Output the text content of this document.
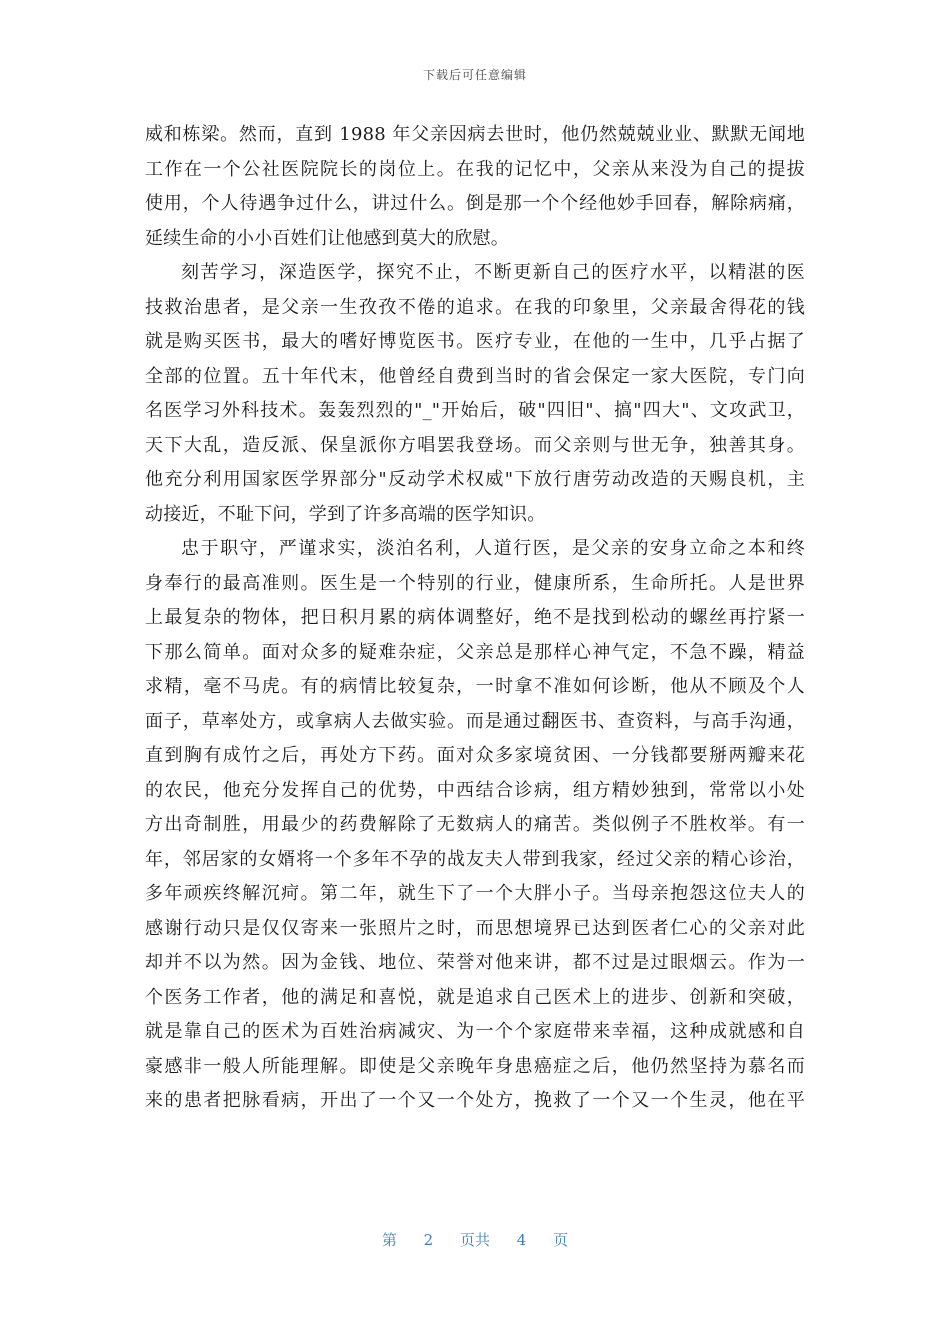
下载后可任意编辑
威和栋梁。然而，直到 1988 年父亲因病去世时，他仍然兢兢业业、默默无闻地
工作在一个公社医院院长的岗位上。在我的记忆中，父亲从来没为自己的提拔
使用，个人待遇争过什么，讲过什么。倒是那一个个经他妙手回春，解除病痛，
延续生命的小小百姓们让他感到莫大的欣慰。
刻苦学习，深造医学，探究不止，不断更新自己的医疗水平，以精湛的医
技救治患者，是父亲一生孜孜不倦的追求。在我的印象里，父亲最舍得花的钱
就是购买医书，最大的嗜好博览医书。医疗专业，在他的一生中，几乎占据了
全部的位置。五十年代末，他曾经自费到当时的省会保定一家大医院，专门向
名医学习外科技术。轰轰烈烈的"_"开始后，破"四旧"、搞"四大"、文攻武卫，
天下大乱，造反派、保皇派你方唱罢我登场。而父亲则与世无争，独善其身。
他充分利用国家医学界部分"反动学术权威"下放行唐劳动改造的天赐良机，主
动接近，不耻下问，学到了许多高端的医学知识。
忠于职守，严谨求实，淡泊名利，人道行医，是父亲的安身立命之本和终
身奉行的最高准则。医生是一个特别的行业，健康所系，生命所托。人是世界
上最复杂的物体，把日积月累的病体调整好，绝不是找到松动的螺丝再拧紧一
下那么简单。面对众多的疑难杂症，父亲总是那样心神气定，不急不躁，精益
求精，毫不马虎。有的病情比较复杂，一时拿不准如何诊断，他从不顾及个人
面子，草率处方，或拿病人去做实验。而是通过翻医书、查资料，与高手沟通，
直到胸有成竹之后，再处方下药。面对众多家境贫困、一分钱都要掰两瓣来花
的农民，他充分发挥自己的优势，中西结合诊病，组方精妙独到，常常以小处
方出奇制胜，用最少的药费解除了无数病人的痛苦。类似例子不胜枚举。有一
年，邻居家的女婿将一个多年不孕的战友夫人带到我家，经过父亲的精心诊治，
多年顽疾终解沉疴。第二年，就生下了一个大胖小子。当母亲抱怨这位夫人的
感谢行动只是仅仅寄来一张照片之时，而思想境界已达到医者仁心的父亲对此
却并不以为然。因为金钱、地位、荣誉对他来讲，都不过是过眼烟云。作为一
个医务工作者，他的满足和喜悦，就是追求自己医术上的进步、创新和突破，
就是靠自己的医术为百姓治病减灾、为一个个家庭带来幸福，这种成就感和自
豪感非一般人所能理解。即使是父亲晚年身患癌症之后，他仍然坚持为慕名而
来的患者把脉看病，开出了一个又一个处方，挽救了一个又一个生灵，他在平
第 2 页共 4 页
